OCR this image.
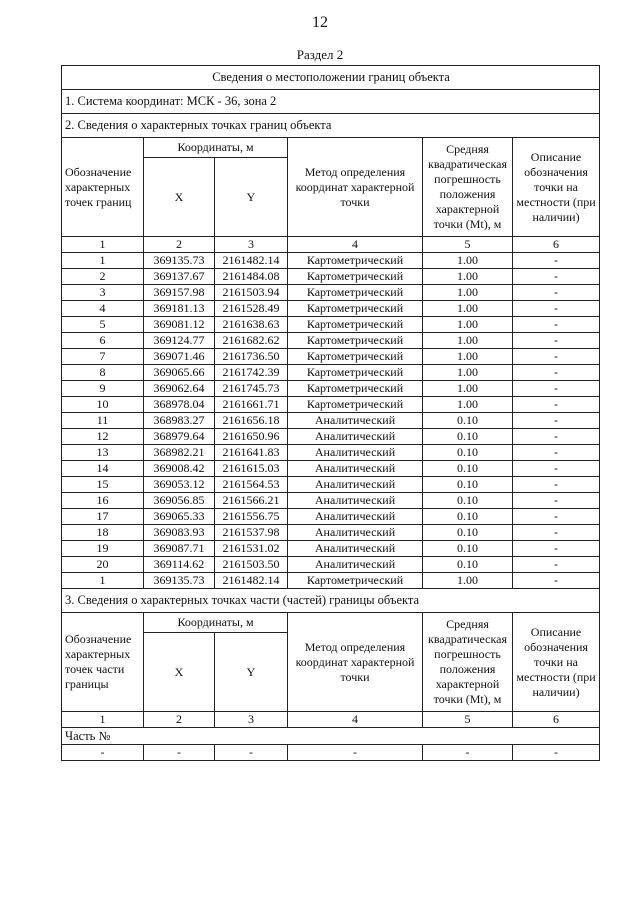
12
Раздел 2
Сведения о местоположении границ объекта					
1. Система координат: МСК - 36, зона 2					
2. Сведения о характерных точках границ объекта					
Обозначение характерных точек границ	Координаты, м		Метод определения координат характерной точки	Средняя квадратическая погрешность положения характерной точки (Mt), м	Описание обозначения точки на местности (при наличии)
	X	Y			
1	2	3	4	5	6
1	369135.73	2161482.14	Картометрический	1.00	-
2	369137.67	2161484.08	Картометрический	1.00	-
3	369157.98	2161503.94	Картометрический	1.00	-
4	369181.13	2161528.49	Картометрический	1.00	-
5	369081.12	2161638.63	Картометрический	1.00	-
6	369124.77	2161682.62	Картометрический	1.00	-
7	369071.46	2161736.50	Картометрический	1.00	-
8	369065.66	2161742.39	Картометрический	1.00	-
9	369062.64	2161745.73	Картометрический	1.00	-
10	368978.04	2161661.71	Картометрический	1.00	-
11	368983.27	2161656.18	Аналитический	0.10	-
12	368979.64	2161650.96	Аналитический	0.10	-
13	368982.21	2161641.83	Аналитический	0.10	-
14	369008.42	2161615.03	Аналитический	0.10	-
15	369053.12	2161564.53	Аналитический	0.10	-
16	369056.85	2161566.21	Аналитический	0.10	-
17	369065.33	2161556.75	Аналитический	0.10	-
18	369083.93	2161537.98	Аналитический	0.10	-
19	369087.71	2161531.02	Аналитический	0.10	-
20	369114.62	2161503.50	Аналитический	0.10	-
1	369135.73	2161482.14	Картометрический	1.00	-
3. Сведения о характерных точках части (частей) границы объекта					
Обозначение характерных точек части границы	Координаты, м		Метод определения координат характерной точки	Средняя квадратическая погрешность положения характерной точки (Mt), м	Описание обозначения точки на местности (при наличии)
	X	Y			
1	2	3	4	5	6
Часть №					
-	-	-	-	-	-
